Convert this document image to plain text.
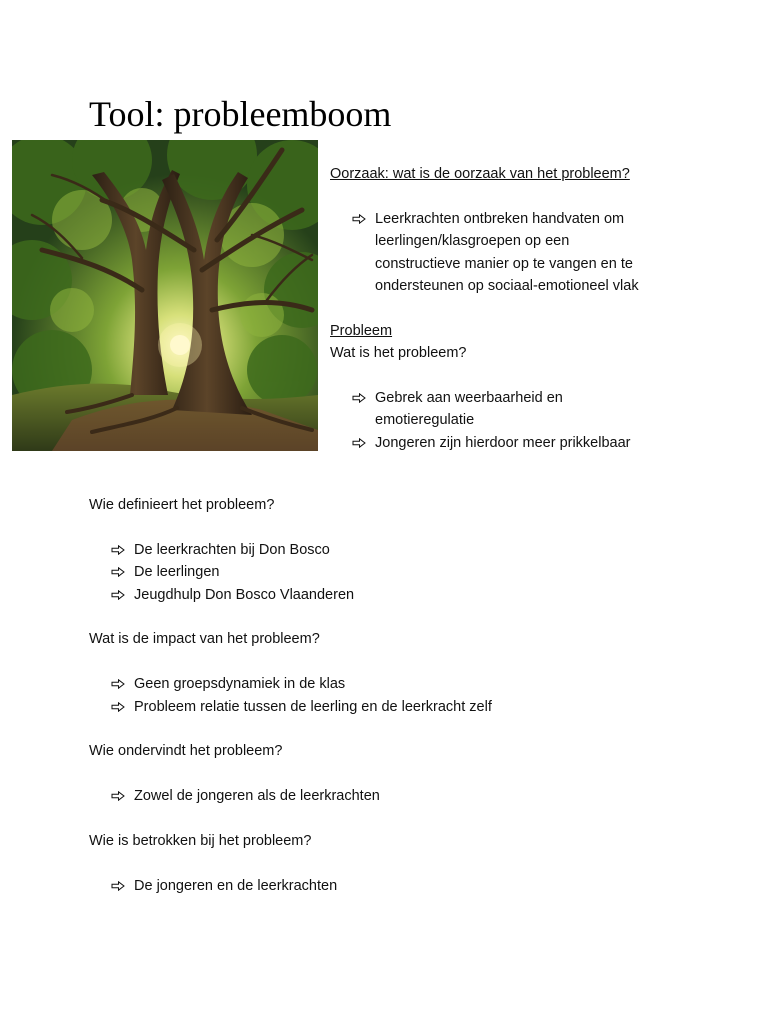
Tool: probleemboom

Oorzaak: wat is de oorzaak van het probleem?

Leerkrachten ontbreken handvaten om
leerlingen/klasgroepen op een
constructieve manier op te vangen en te
ondersteunen op sociaal-emotioneel vlak

Probleem

Wat is het probleem?

Gebrek aan weerbaarheid en
emotieregulatie
Jongeren zijn hierdoor meer prikkelbaar

Wie definieert het probleem?

De leerkrachten bij Don Bosco
De leerlingen
Jeugdhulp Don Bosco Vlaanderen

Wat is de impact van het probleem?

Geen groepsdynamiek in de klas
Probleem relatie tussen de leerling en de leerkracht zelf

Wie ondervindt het probleem?

Zowel de jongeren als de leerkrachten

Wie is betrokken bij het probleem?

De jongeren en de leerkrachten
